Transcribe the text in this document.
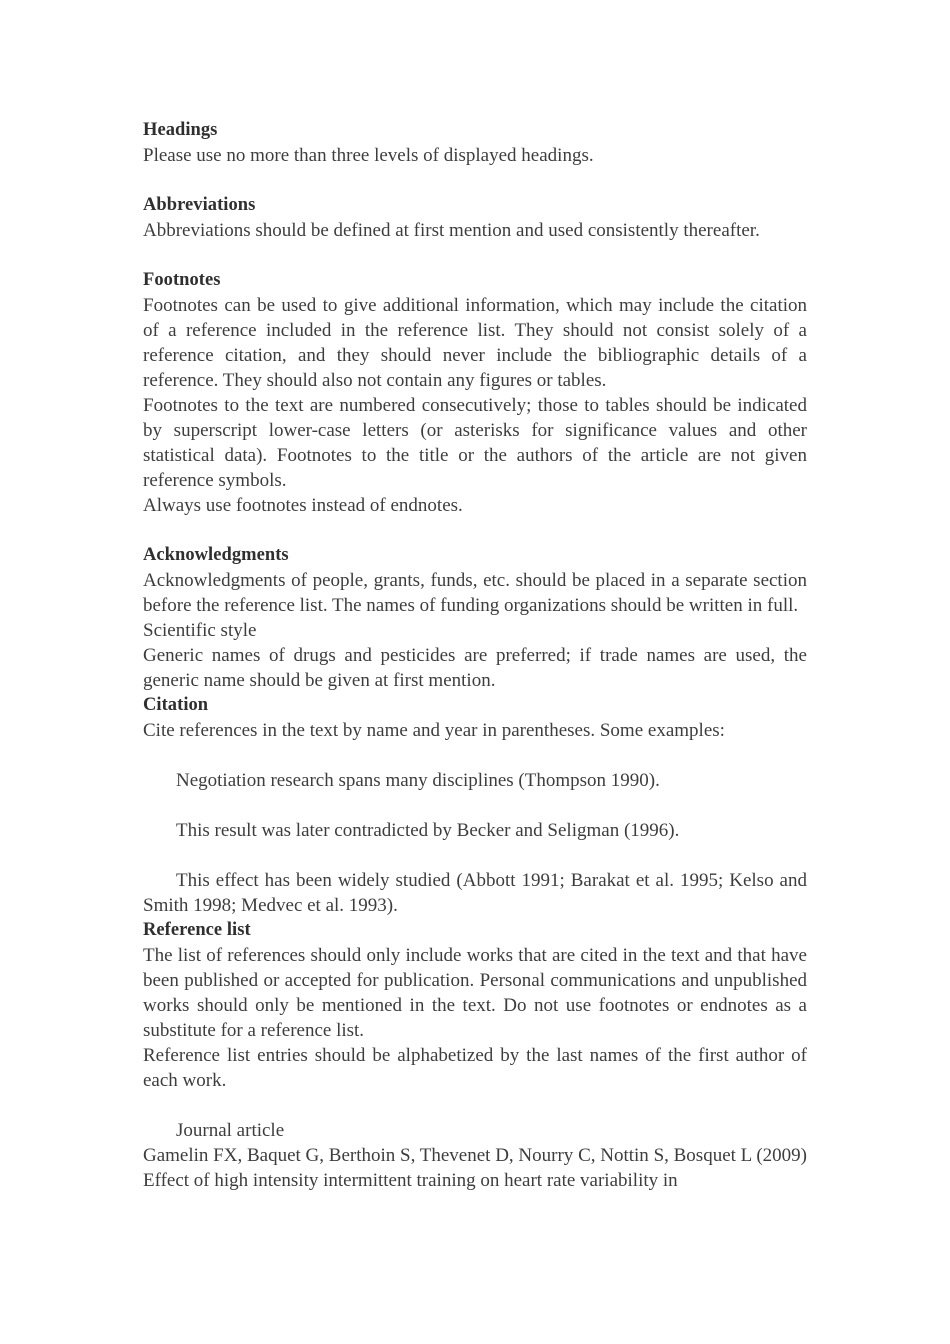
Headings

Please use no more than three levels of displayed headings.

Abbreviations

Abbreviations should be defined at first mention and used consistently thereafter.

Footnotes

Footnotes can be used to give additional information, which may include the citation of a reference included in the reference list. They should not consist solely of a reference citation, and they should never include the bibliographic details of a reference. They should also not contain any figures or tables.

Footnotes to the text are numbered consecutively; those to tables should be indicated by superscript lower-case letters (or asterisks for significance values and other statistical data). Footnotes to the title or the authors of the article are not given reference symbols.

Always use footnotes instead of endnotes.

Acknowledgments

Acknowledgments of people, grants, funds, etc. should be placed in a separate section before the reference list. The names of funding organizations should be written in full.

Scientific style

Generic names of drugs and pesticides are preferred; if trade names are used, the generic name should be given at first mention.

Citation

Cite references in the text by name and year in parentheses. Some examples:

Negotiation research spans many disciplines (Thompson 1990).

This result was later contradicted by Becker and Seligman (1996).

This effect has been widely studied (Abbott 1991; Barakat et al. 1995; Kelso and Smith 1998; Medvec et al. 1993).

Reference list

The list of references should only include works that are cited in the text and that have been published or accepted for publication. Personal communications and unpublished works should only be mentioned in the text. Do not use footnotes or endnotes as a substitute for a reference list.

Reference list entries should be alphabetized by the last names of the first author of each work.

Journal article

Gamelin FX, Baquet G, Berthoin S, Thevenet D, Nourry C, Nottin S, Bosquet L (2009) Effect of high intensity intermittent training on heart rate variability in
